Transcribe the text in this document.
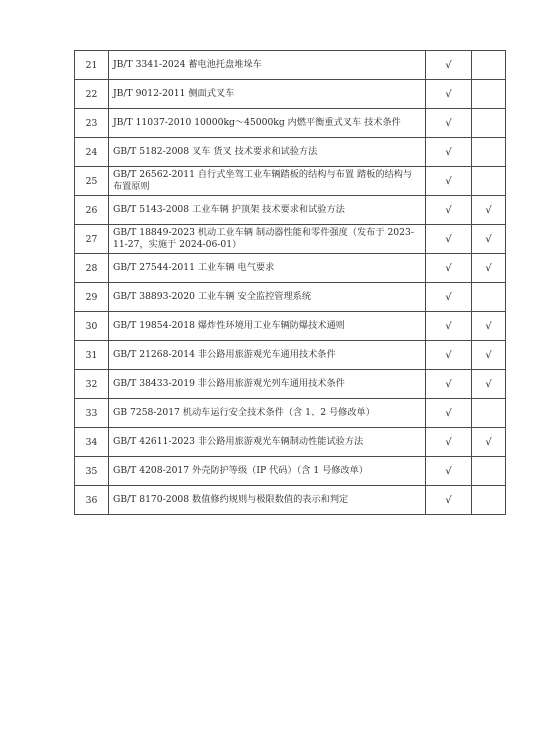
21	JB/T 3341-2024 蓄电池托盘堆垛车	√	
22	JB/T 9012-2011 侧面式叉车	√	
23	JB/T 11037-2010 10000kg～45000kg 内燃平衡重式叉车 技术条件	√	
24	GB/T 5182-2008 叉车 货叉 技术要求和试验方法	√	
25	GB/T 26562-2011 自行式坐驾工业车辆踏板的结构与布置 踏板的结构与布置原则	√	
26	GB/T 5143-2008 工业车辆 护顶架 技术要求和试验方法	√	√
27	GB/T 18849-2023 机动工业车辆 制动器性能和零件强度（发布于 2023-11-27，实施于 2024-06-01）	√	√
28	GB/T 27544-2011 工业车辆 电气要求	√	√
29	GB/T 38893-2020 工业车辆 安全监控管理系统	√	
30	GB/T 19854-2018 爆炸性环境用工业车辆防爆技术通则	√	√
31	GB/T 21268-2014 非公路用旅游观光车通用技术条件	√	√
32	GB/T 38433-2019 非公路用旅游观光列车通用技术条件	√	√
33	GB 7258-2017 机动车运行安全技术条件（含 1、2 号修改单）	√	
34	GB/T 42611-2023 非公路用旅游观光车辆制动性能试验方法	√	√
35	GB/T 4208-2017 外壳防护等级（IP 代码）（含 1 号修改单）	√	
36	GB/T 8170-2008 数值修约规则与极限数值的表示和判定	√	
